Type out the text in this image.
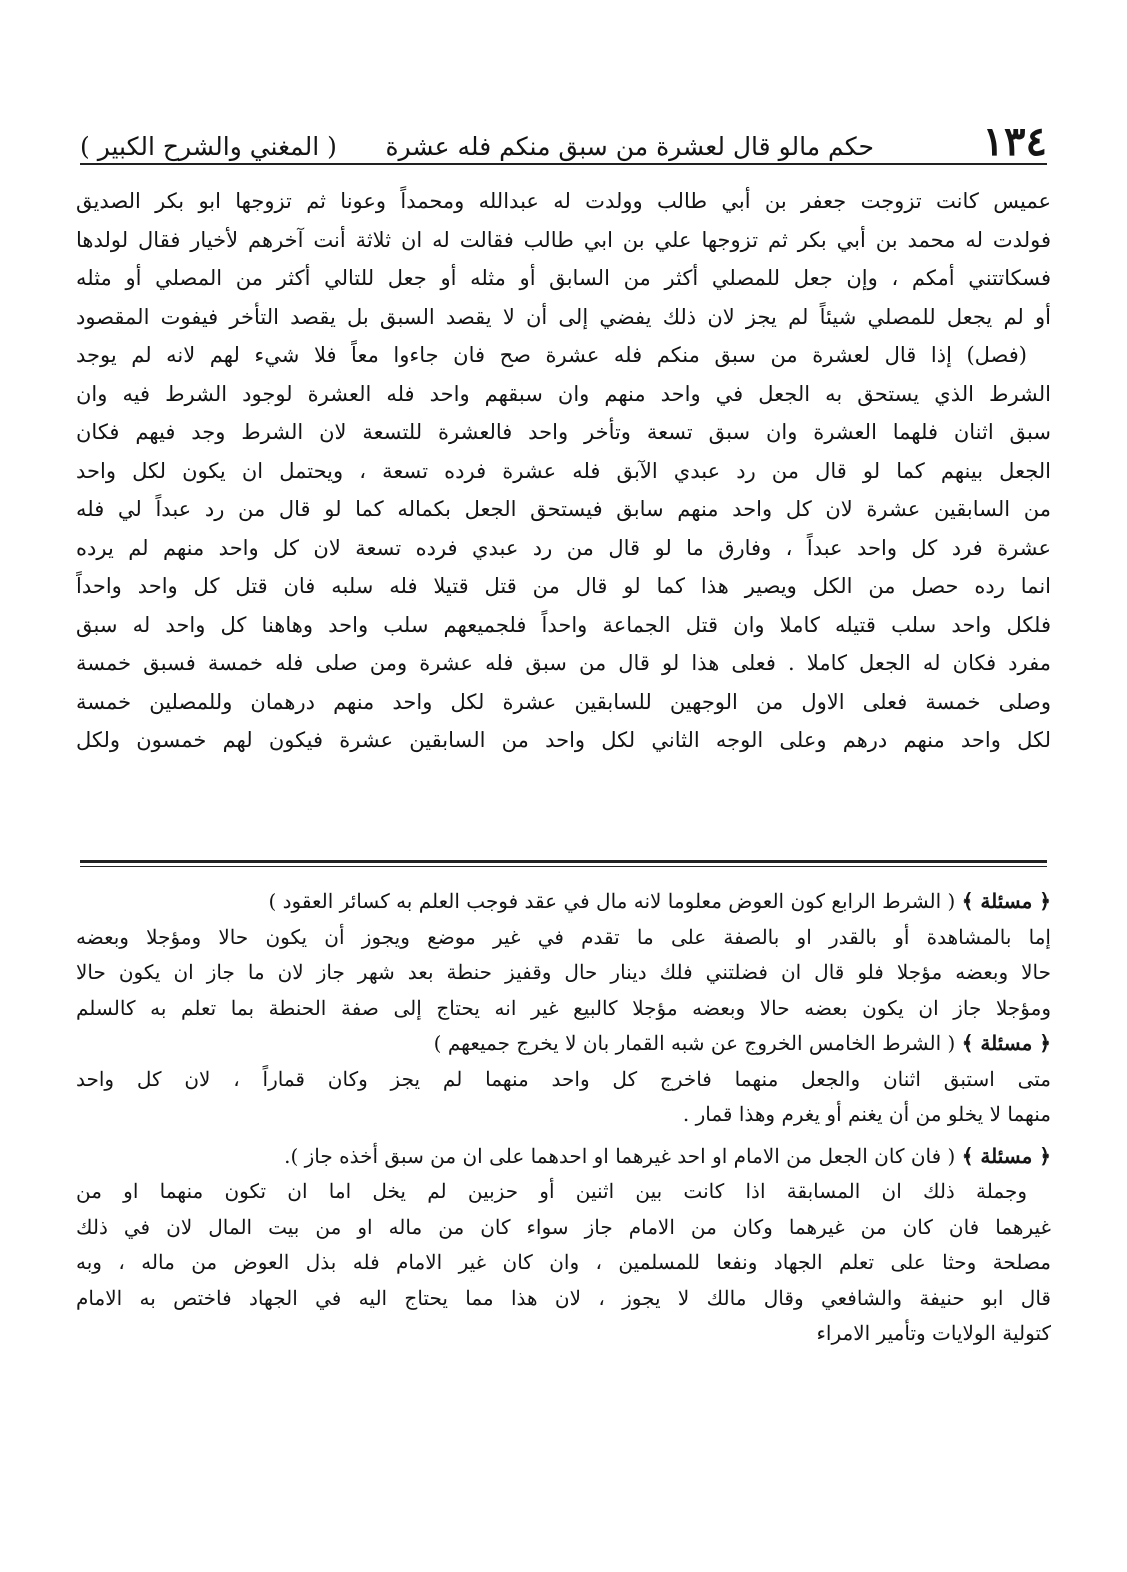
١٣٤
حكم مالو قال لعشرة من سبق منكم فله عشرة
( المغني والشرح الكبير )

عميس كانت تزوجت جعفر بن أبي طالب وولدت له عبدالله ومحمداً وعونا ثم تزوجها ابو بكر الصديق

فولدت له محمد بن أبي بكر ثم تزوجها علي بن ابي طالب فقالت له ان ثلاثة أنت آخرهم لأخيار فقال لولدها

فسكاتتني أمكم ، وإن جعل للمصلي أكثر من السابق أو مثله أو جعل للتالي أكثر من المصلي أو مثله

أو لم يجعل للمصلي شيئاً لم يجز لان ذلك يفضي إلى أن لا يقصد السبق بل يقصد التأخر فيفوت المقصود

(فصل) إذا قال لعشرة من سبق منكم فله عشرة صح فان جاءوا معاً فلا شيء لهم لانه لم يوجد

الشرط الذي يستحق به الجعل في واحد منهم وان سبقهم واحد فله العشرة لوجود الشرط فيه وان

سبق اثنان فلهما العشرة وان سبق تسعة وتأخر واحد فالعشرة للتسعة لان الشرط وجد فيهم فكان

الجعل بينهم كما لو قال من رد عبدي الآبق فله عشرة فرده تسعة ، ويحتمل ان يكون لكل واحد

من السابقين عشرة لان كل واحد منهم سابق فيستحق الجعل بكماله كما لو قال من رد عبداً لي فله

عشرة فرد كل واحد عبداً ، وفارق ما لو قال من رد عبدي فرده تسعة لان كل واحد منهم لم يرده

انما رده حصل من الكل ويصير هذا كما لو قال من قتل قتيلا فله سلبه فان قتل كل واحد واحداً

فلكل واحد سلب قتيله كاملا وان قتل الجماعة واحداً فلجميعهم سلب واحد وهاهنا كل واحد له سبق

مفرد فكان له الجعل كاملا . فعلى هذا لو قال من سبق فله عشرة ومن صلى فله خمسة فسبق خمسة

وصلى خمسة فعلى الاول من الوجهين للسابقين عشرة لكل واحد منهم درهمان وللمصلين خمسة

لكل واحد منهم درهم وعلى الوجه الثاني لكل واحد من السابقين عشرة فيكون لهم خمسون ولكل

﴿ مسئلة ﴾ ( الشرط الرابع كون العوض معلوما لانه مال في عقد فوجب العلم به كسائر العقود )

إما بالمشاهدة أو بالقدر او بالصفة على ما تقدم في غير موضع ويجوز أن يكون حالا ومؤجلا وبعضه

حالا وبعضه مؤجلا فلو قال ان فضلتني فلك دينار حال وقفيز حنطة بعد شهر جاز لان ما جاز ان يكون حالا

ومؤجلا جاز ان يكون بعضه حالا وبعضه مؤجلا كالبيع غير انه يحتاج إلى صفة الحنطة بما تعلم به كالسلم

﴿ مسئلة ﴾ ( الشرط الخامس الخروج عن شبه القمار بان لا يخرج جميعهم )

متى استبق اثنان والجعل منهما فاخرج كل واحد منهما لم يجز وكان قماراً ، لان كل واحد

منهما لا يخلو من أن يغنم أو يغرم وهذا قمار .

﴿ مسئلة ﴾ ( فان كان الجعل من الامام او احد غيرهما او احدهما على ان من سبق أخذه جاز ).

وجملة ذلك ان المسابقة اذا كانت بين اثنين أو حزبين لم يخل اما ان تكون منهما او من

غيرهما فان كان من غيرهما وكان من الامام جاز سواء كان من ماله او من بيت المال لان في ذلك

مصلحة وحثا على تعلم الجهاد ونفعا للمسلمين ، وان كان غير الامام فله بذل العوض من ماله ، وبه

قال ابو حنيفة والشافعي وقال مالك لا يجوز ، لان هذا مما يحتاج اليه في الجهاد فاختص به الامام

كتولية الولايات وتأمير الامراء
